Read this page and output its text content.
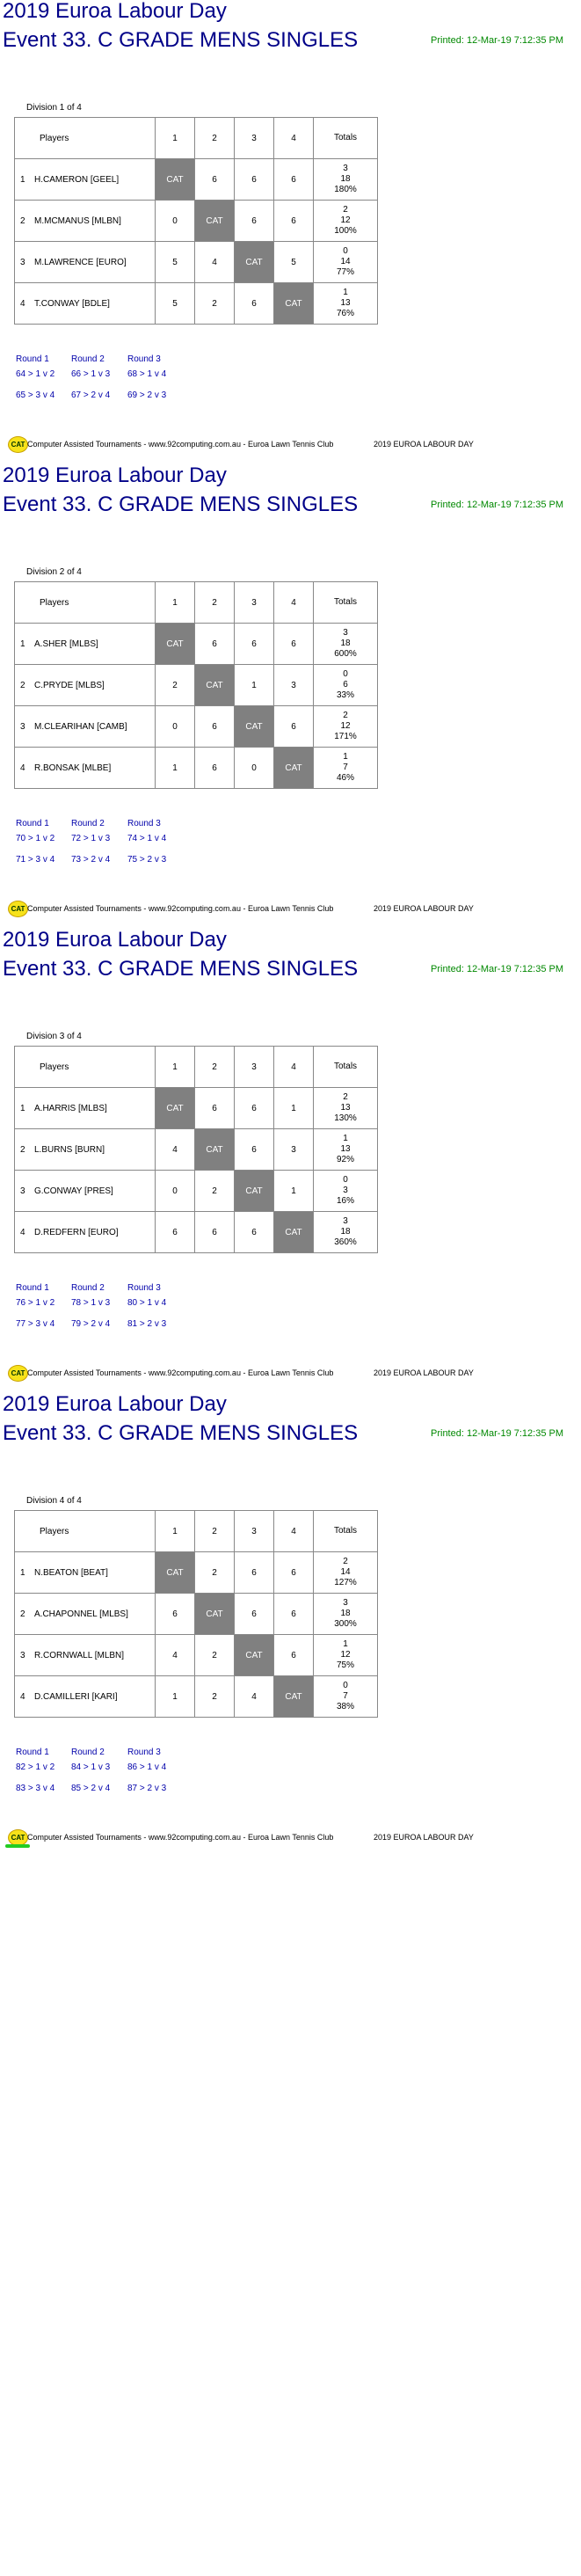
2019 Euroa Labour Day
Event 33. C GRADE MENS SINGLES	Printed: 12-Mar-19 7:12:35 PM
Division 1 of 4
Players	1	2	3	4	Totals
1 H.CAMERON [GEEL]	CAT	6	6	6	3
18
180%

2 M.MCMANUS [MLBN]	0	CAT	6	6	2
12
100%

3 M.LAWRENCE [EURO]	5	4	CAT	5	0
14
77%

4 T.CONWAY [BDLE]	5	2	6	CAT	1
13
76%
Round 1
64 > 1 v 2
65 > 3 v 4
Round 2
66 > 1 v 3
67 > 2 v 4
Round 3
68 > 1 v 4
69 > 2 v 3
CAT Computer Assisted Tournaments - www.92computing.com.au - Euroa Lawn Tennis Club	2019 EUROA LABOUR DAY
2019 Euroa Labour Day
Event 33. C GRADE MENS SINGLES	Printed: 12-Mar-19 7:12:35 PM
Division 2 of 4
Players	1	2	3	4	Totals
1 A.SHER [MLBS]	CAT	6	6	6	3
18
600%

2 C.PRYDE [MLBS]	2	CAT	1	3	0
6
33%

3 M.CLEARIHAN [CAMB]	0	6	CAT	6	2
12
171%

4 R.BONSAK [MLBE]	1	6	0	CAT	1
7
46%
Round 1
70 > 1 v 2
71 > 3 v 4
Round 2
72 > 1 v 3
73 > 2 v 4
Round 3
74 > 1 v 4
75 > 2 v 3
CAT Computer Assisted Tournaments - www.92computing.com.au - Euroa Lawn Tennis Club	2019 EUROA LABOUR DAY
2019 Euroa Labour Day
Event 33. C GRADE MENS SINGLES	Printed: 12-Mar-19 7:12:35 PM
Division 3 of 4
Players	1	2	3	4	Totals
1 A.HARRIS [MLBS]	CAT	6	6	1	2
13
130%

2 L.BURNS [BURN]	4	CAT	6	3	1
13
92%

3 G.CONWAY [PRES]	0	2	CAT	1	0
3
16%

4 D.REDFERN [EURO]	6	6	6	CAT	3
18
360%
Round 1
76 > 1 v 2
77 > 3 v 4
Round 2
78 > 1 v 3
79 > 2 v 4
Round 3
80 > 1 v 4
81 > 2 v 3
CAT Computer Assisted Tournaments - www.92computing.com.au - Euroa Lawn Tennis Club	2019 EUROA LABOUR DAY
2019 Euroa Labour Day
Event 33. C GRADE MENS SINGLES	Printed: 12-Mar-19 7:12:35 PM
Division 4 of 4
Players	1	2	3	4	Totals
1 N.BEATON [BEAT]	CAT	2	6	6	2
14
127%

2 A.CHAPONNEL [MLBS]	6	CAT	6	6	3
18
300%

3 R.CORNWALL [MLBN]	4	2	CAT	6	1
12
75%

4 D.CAMILLERI [KARI]	1	2	4	CAT	0
7
38%
Round 1
82 > 1 v 2
83 > 3 v 4
Round 2
84 > 1 v 3
85 > 2 v 4
Round 3
86 > 1 v 4
87 > 2 v 3
CAT Computer Assisted Tournaments - www.92computing.com.au - Euroa Lawn Tennis Club	2019 EUROA LABOUR DAY
